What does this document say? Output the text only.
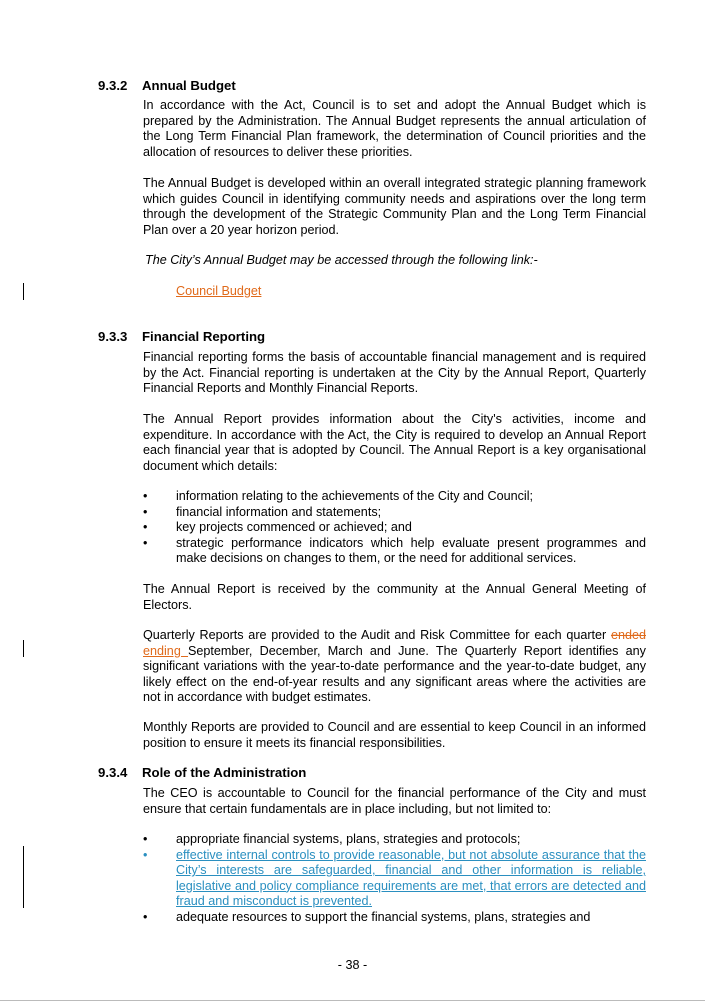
9.3.2 Annual Budget
In accordance with the Act, Council is to set and adopt the Annual Budget which is prepared by the Administration. The Annual Budget represents the annual articulation of the Long Term Financial Plan framework, the determination of Council priorities and the allocation of resources to deliver these priorities.
The Annual Budget is developed within an overall integrated strategic planning framework which guides Council in identifying community needs and aspirations over the long term through the development of the Strategic Community Plan and the Long Term Financial Plan over a 20 year horizon period.
The City’s Annual Budget may be accessed through the following link:-
Council Budget
9.3.3 Financial Reporting
Financial reporting forms the basis of accountable financial management and is required by the Act. Financial reporting is undertaken at the City by the Annual Report, Quarterly Financial Reports and Monthly Financial Reports.
The Annual Report provides information about the City's activities, income and expenditure. In accordance with the Act, the City is required to develop an Annual Report each financial year that is adopted by Council. The Annual Report is a key organisational document which details:
• information relating to the achievements of the City and Council;
• financial information and statements;
• key projects commenced or achieved; and
• strategic performance indicators which help evaluate present programmes and make decisions on changes to them, or the need for additional services.
The Annual Report is received by the community at the Annual General Meeting of Electors.
Quarterly Reports are provided to the Audit and Risk Committee for each quarter ended ending September, December, March and June. The Quarterly Report identifies any significant variations with the year-to-date performance and the year-to-date budget, any likely effect on the end-of-year results and any significant areas where the activities are not in accordance with budget estimates.
Monthly Reports are provided to Council and are essential to keep Council in an informed position to ensure it meets its financial responsibilities.
9.3.4 Role of the Administration
The CEO is accountable to Council for the financial performance of the City and must ensure that certain fundamentals are in place including, but not limited to:
• appropriate financial systems, plans, strategies and protocols;
• effective internal controls to provide reasonable, but not absolute assurance that the City’s interests are safeguarded, financial and other information is reliable, legislative and policy compliance requirements are met, that errors are detected and fraud and misconduct is prevented.
• adequate resources to support the financial systems, plans, strategies and
- 38 -
